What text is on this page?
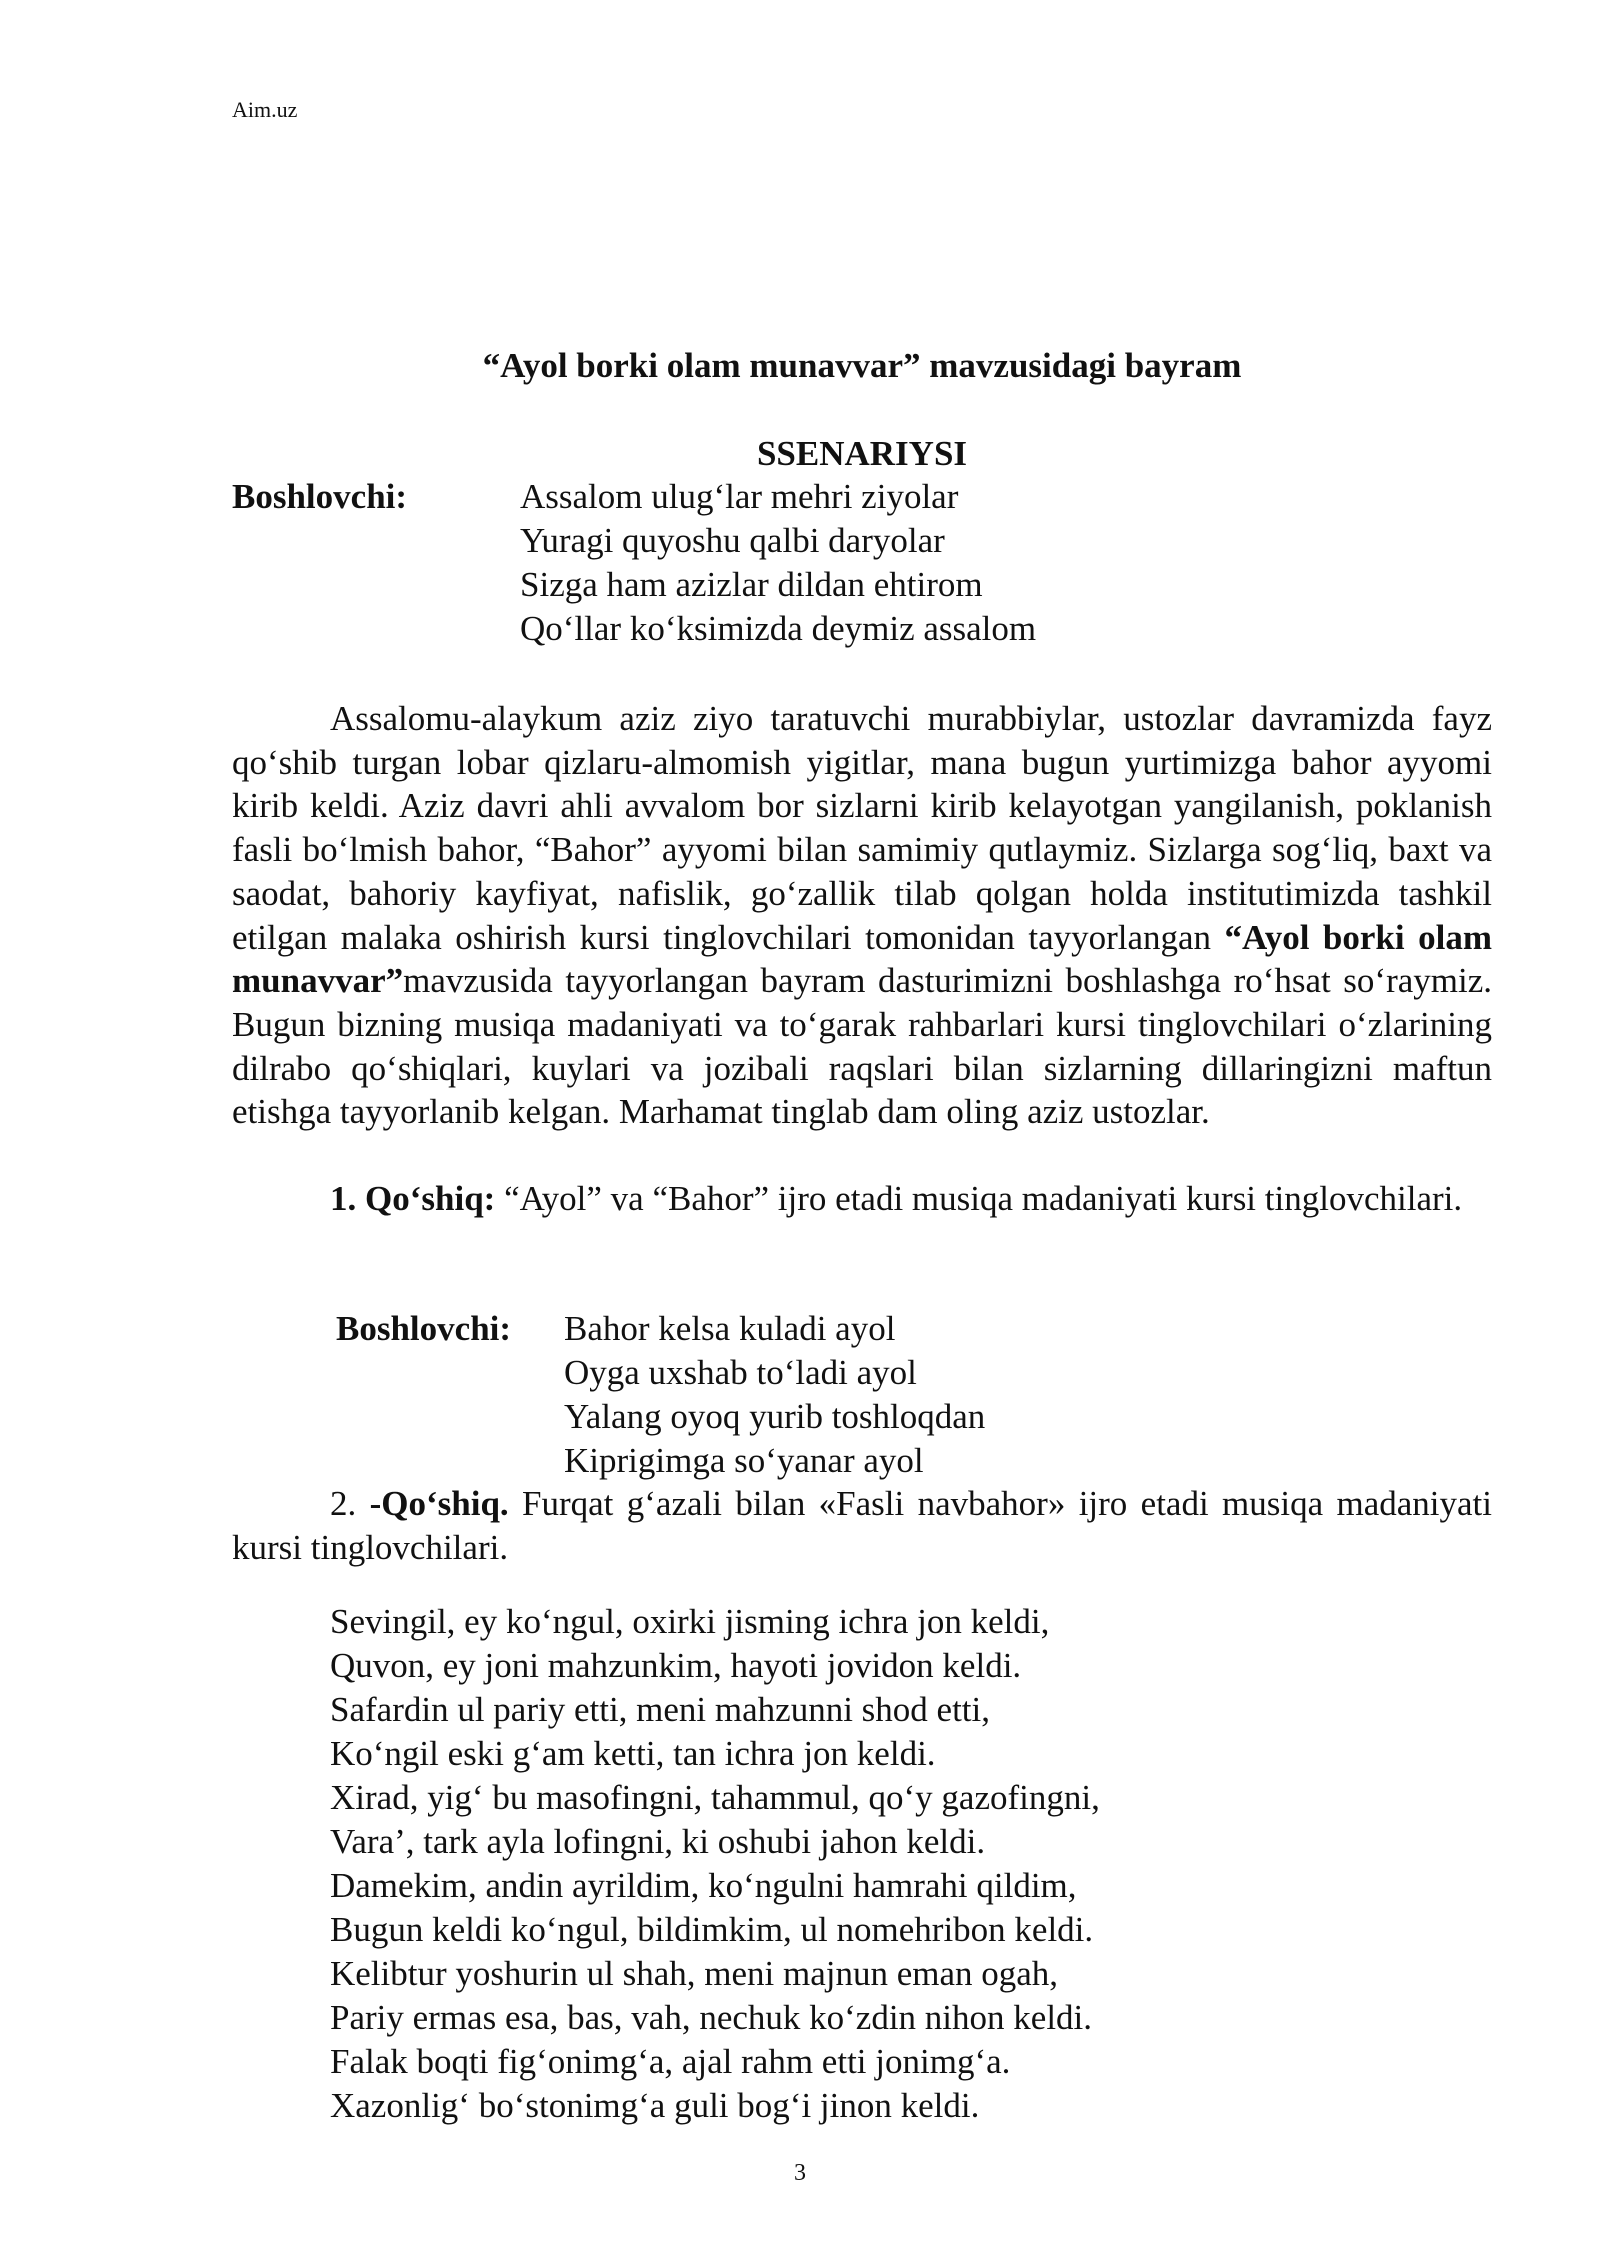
Aim.uz
“Ayol borki olam munavvar” mavzusidagi bayram
SSENARIYSI
Boshlovchi:	Assalom ulug‘lar mehri ziyolar
Yuragi quyoshu qalbi daryolar
Sizga ham azizlar dildan ehtirom
Qo‘llar ko‘ksimizda deymiz assalom

Assalomu-alaykum aziz ziyo taratuvchi murabbiylar, ustozlar davramizda fayz qo‘shib turgan lobar qizlaru-almomish yigitlar, mana bugun yurtimizga bahor ayyomi kirib keldi. Aziz davri ahli avvalom bor sizlarni kirib kelayotgan yangilanish, poklanish fasli bo‘lmish bahor, “Bahor” ayyomi bilan samimiy qutlaymiz. Sizlarga sog‘liq, baxt va saodat, bahoriy kayfiyat, nafislik, go‘zallik tilab qolgan holda institutimizda tashkil etilgan malaka oshirish kursi tinglovchilari tomonidan tayyorlangan “Ayol borki olam munavvar”mavzusida tayyorlangan bayram dasturimizni boshlashga ro‘hsat so‘raymiz. Bugun bizning musiqa madaniyati va to‘garak rahbarlari kursi tinglovchilari o‘zlarining dilrabo qo‘shiqlari, kuylari va jozibali raqslari bilan sizlarning dillaringizni maftun etishga tayyorlanib kelgan. Marhamat tinglab dam oling aziz ustozlar.

1. Qo‘shiq: “Ayol” va “Bahor” ijro etadi musiqa madaniyati kursi tinglovchilari.

Boshlovchi: Bahor kelsa kuladi ayol
Oyga uxshab to‘ladi ayol
Yalang oyoq yurib toshloqdan
Kiprigimga so‘yanar ayol

2. -Qo‘shiq. Furqat g‘azali bilan «Fasli navbahor» ijro etadi musiqa madaniyati kursi tinglovchilari.

Sevingil, ey ko‘ngul, oxirki jisming ichra jon keldi,
Quvon, ey joni mahzunkim, hayoti jovidon keldi.
Safardin ul pariy etti, meni mahzunni shod etti,
Ko‘ngil eski g‘am ketti, tan ichra jon keldi.
Xirad, yig‘ bu masofingni, tahammul, qo‘y gazofingni,
Vara’, tark ayla lofingni, ki oshubi jahon keldi.
Damekim, andin ayrildim, ko‘ngulni hamrahi qildim,
Bugun keldi ko‘ngul, bildimkim, ul nomehribon keldi.
Kelibtur yoshurin ul shah, meni majnun eman ogah,
Pariy ermas esa, bas, vah, nechuk ko‘zdin nihon keldi.
Falak boqti fig‘onimg‘a, ajal rahm etti jonimg‘a.
Xazonlig‘ bo‘stonimg‘a guli bog‘i jinon keldi.
3
